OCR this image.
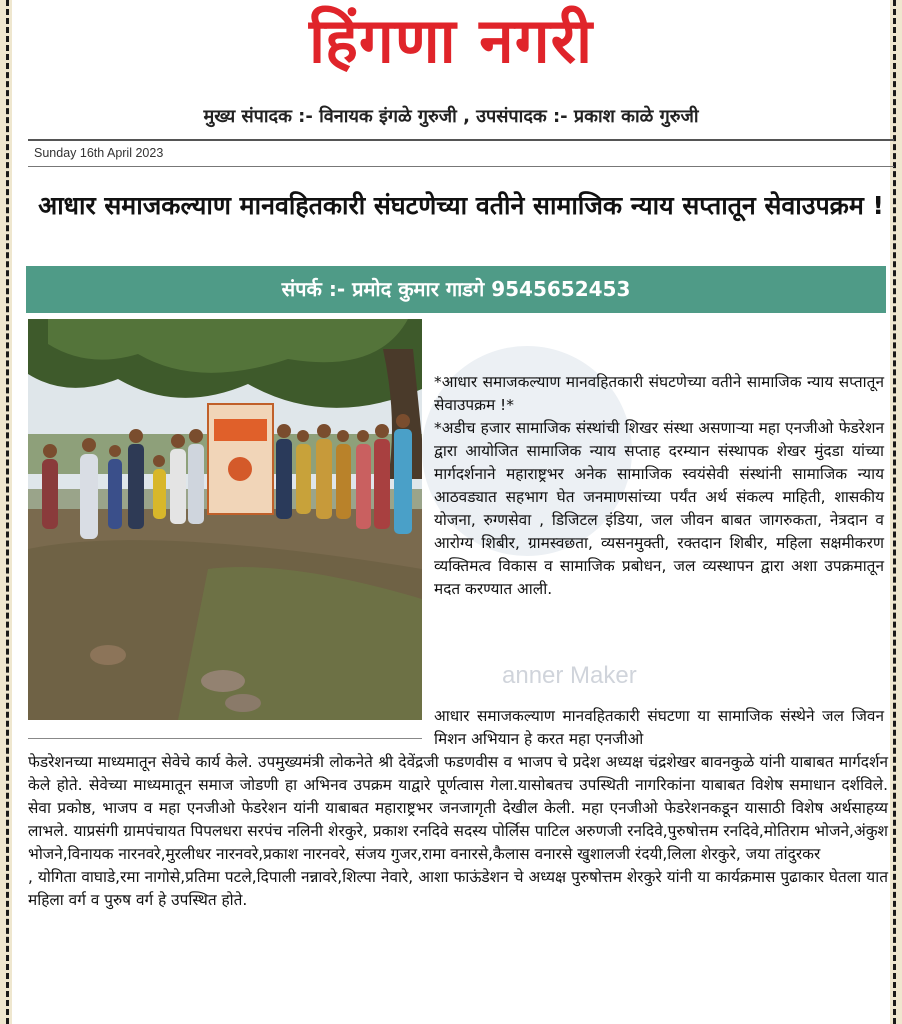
हिंगणा नगरी
मुख्य संपादक :- विनायक इंगळे गुरुजी , उपसंपादक :- प्रकाश काळे गुरुजी
Sunday 16th April 2023
आधार समाजकल्याण मानवहितकारी संघटणेच्या वतीने सामाजिक न्याय सप्तातून सेवाउपक्रम !
संपर्क :- प्रमोद कुमार गाडगे 9545652453
anner Maker

*आधार समाजकल्याण मानवहितकारी संघटणेच्या वतीने सामाजिक न्याय सप्तातून सेवाउपक्रम !*

*अडीच हजार सामाजिक संस्थांची शिखर संस्था असणाऱ्या महा एनजीओ फेडरेशन द्वारा आयोजित सामाजिक न्याय सप्ताह दरम्यान संस्थापक शेखर मुंदडा यांच्या मार्गदर्शनाने महाराष्ट्रभर अनेक सामाजिक स्वयंसेवी संस्थांनी सामाजिक न्याय आठवड्यात सहभाग घेत जनमाणसांच्या पर्यंत अर्थ संकल्प माहिती, शासकीय योजना, रुग्णसेवा , डिजिटल इंडिया, जल जीवन बाबत जागरुकता, नेत्रदान व आरोग्य शिबीर, ग्रामस्वछता, व्यसनमुक्ती, रक्तदान शिबीर, महिला सक्षमीकरण व्यक्तिमत्व विकास व सामाजिक प्रबोधन, जल व्यस्थापन द्वारा अशा उपक्रमातून मदत करण्यात आली.

आधार समाजकल्याण मानवहितकारी संघटणा या सामाजिक संस्थेने जल जिवन मिशन अभियान हे करत महा एनजीओ

फेडरेशनच्या माध्यमातून सेवेचे कार्य केले. उपमुख्यमंत्री लोकनेते श्री देवेंद्रजी फडणवीस व भाजप चे प्रदेश अध्यक्ष चंद्रशेखर बावनकुळे यांनी याबाबत मार्गदर्शन केले होते. सेवेच्या माध्यमातून समाज जोडणी हा अभिनव उपक्रम याद्वारे पूर्णत्वास गेला.यासोबतच उपस्थिती नागरिकांना याबाबत विशेष समाधान दर्शविले. सेवा प्रकोष्ठ, भाजप व महा एनजीओ फेडरेशन यांनी याबाबत महाराष्ट्रभर जनजागृती देखील केली. महा एनजीओ फेडरेशनकडून यासाठी विशेष अर्थसाहय्य लाभले. याप्रसंगी ग्रामपंचायत पिपलधरा सरपंच नलिनी शेरकुरे, प्रकाश रनदिवे सदस्य पोर्लिस पाटिल अरुणजी रनदिवे,पुरुषोत्तम रनदिवे,मोतिराम भोजने,अंकुश भोजने,विनायक नारनवरे,मुरलीधर नारनवरे,प्रकाश नारनवरे, संजय गुजर,रामा वनारसे,कैलास वनारसे खुशालजी रंदयी,लिला शेरकुरे, जया तांदुरकर

, योगिता वाघाडे,रमा नागोसे,प्रतिमा पटले,दिपाली नन्नावरे,शिल्पा नेवारे, आशा फाऊंडेशन चे अध्यक्ष पुरुषोत्तम शेरकुरे यांनी या कार्यक्रमास पुढाकार घेतला यात महिला वर्ग व पुरुष वर्ग हे उपस्थित होते.
